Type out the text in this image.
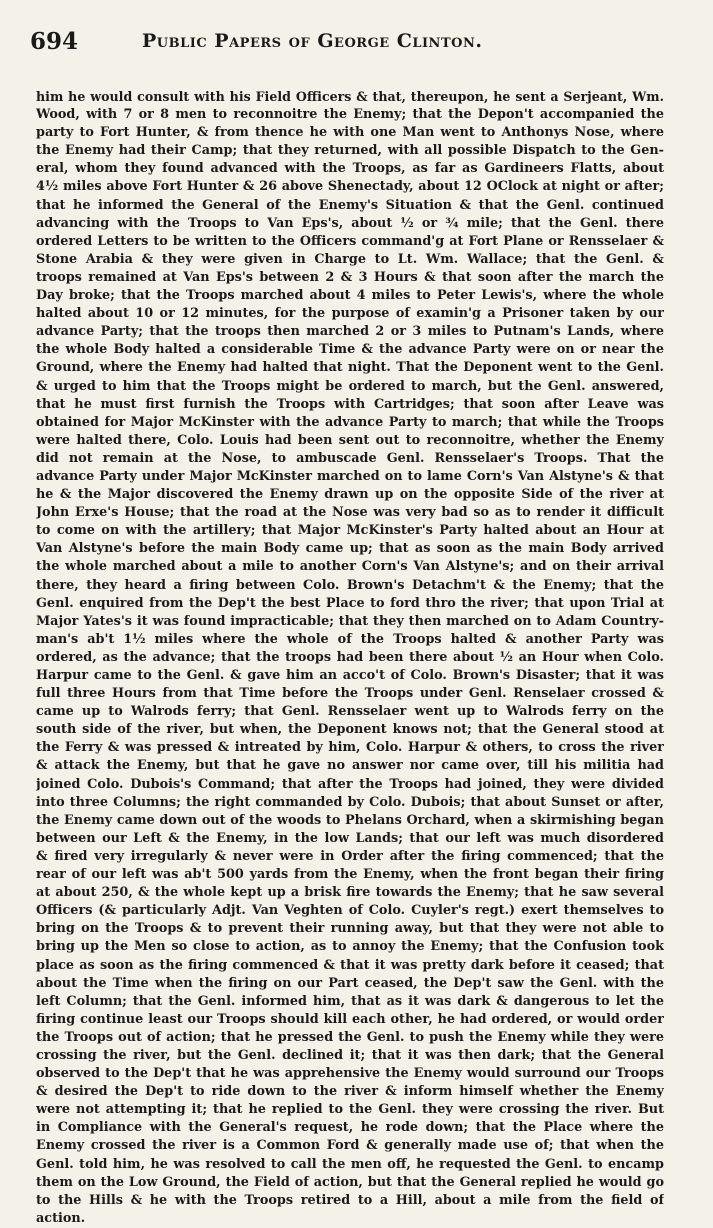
694	Public Papers of George Clinton.
him he would consult with his Field Officers & that, thereupon, he sent a Serjeant, Wm.
Wood, with 7 or 8 men to reconnoitre the Enemy; that the Depon't accompanied the
party to Fort Hunter, & from thence he with one Man went to Anthonys Nose, where
the Enemy had their Camp; that they returned, with all possible Dispatch to the Gen-
eral, whom they found advanced with the Troops, as far as Gardineers Flatts, about
4½ miles above Fort Hunter & 26 above Shenectady, about 12 OClock at night or after;
that he informed the General of the Enemy's Situation & that the Genl. continued
advancing with the Troops to Van Eps's, about ½ or ¾ mile; that the Genl. there
ordered Letters to be written to the Officers command'g at Fort Plane or Rensselaer &
Stone Arabia & they were given in Charge to Lt. Wm. Wallace; that the Genl. &
troops remained at Van Eps's between 2 & 3 Hours & that soon after the march the
Day broke; that the Troops marched about 4 miles to Peter Lewis's, where the whole
halted about 10 or 12 minutes, for the purpose of examin'g a Prisoner taken by our
advance Party; that the troops then marched 2 or 3 miles to Putnam's Lands, where
the whole Body halted a considerable Time & the advance Party were on or near the
Ground, where the Enemy had halted that night. That the Deponent went to the Genl.
& urged to him that the Troops might be ordered to march, but the Genl. answered,
that he must first furnish the Troops with Cartridges; that soon after Leave was
obtained for Major McKinster with the advance Party to march; that while the Troops
were halted there, Colo. Louis had been sent out to reconnoitre, whether the Enemy
did not remain at the Nose, to ambuscade Genl. Rensselaer's Troops. That the
advance Party under Major McKinster marched on to lame Corn's Van Alstyne's & that
he & the Major discovered the Enemy drawn up on the opposite Side of the river at
John Erxe's House; that the road at the Nose was very bad so as to render it difficult
to come on with the artillery; that Major McKinster's Party halted about an Hour at
Van Alstyne's before the main Body came up; that as soon as the main Body arrived
the whole marched about a mile to another Corn's Van Alstyne's; and on their arrival
there, they heard a firing between Colo. Brown's Detachm't & the Enemy; that the
Genl. enquired from the Dep't the best Place to ford thro the river; that upon Trial at
Major Yates's it was found impracticable; that they then marched on to Adam Country-
man's ab't 1½ miles where the whole of the Troops halted & another Party was
ordered, as the advance; that the troops had been there about ½ an Hour when Colo.
Harpur came to the Genl. & gave him an acco't of Colo. Brown's Disaster; that it was
full three Hours from that Time before the Troops under Genl. Renselaer crossed &
came up to Walrods ferry; that Genl. Rensselaer went up to Walrods ferry on the
south side of the river, but when, the Deponent knows not; that the General stood at
the Ferry & was pressed & intreated by him, Colo. Harpur & others, to cross the river
& attack the Enemy, but that he gave no answer nor came over, till his militia had
joined Colo. Dubois's Command; that after the Troops had joined, they were divided
into three Columns; the right commanded by Colo. Dubois; that about Sunset or after,
the Enemy came down out of the woods to Phelans Orchard, when a skirmishing began
between our Left & the Enemy, in the low Lands; that our left was much disordered
& fired very irregularly & never were in Order after the firing commenced; that the
rear of our left was ab't 500 yards from the Enemy, when the front began their firing
at about 250, & the whole kept up a brisk fire towards the Enemy; that he saw several
Officers (& particularly Adjt. Van Veghten of Colo. Cuyler's regt.) exert themselves to
bring on the Troops & to prevent their running away, but that they were not able to
bring up the Men so close to action, as to annoy the Enemy; that the Confusion took
place as soon as the firing commenced & that it was pretty dark before it ceased; that
about the Time when the firing on our Part ceased, the Dep't saw the Genl. with the
left Column; that the Genl. informed him, that as it was dark & dangerous to let the
firing continue least our Troops should kill each other, he had ordered, or would order
the Troops out of action; that he pressed the Genl. to push the Enemy while they were
crossing the river, but the Genl. declined it; that it was then dark; that the General
observed to the Dep't that he was apprehensive the Enemy would surround our Troops
& desired the Dep't to ride down to the river & inform himself whether the Enemy
were not attempting it; that he replied to the Genl. they were crossing the river. But
in Compliance with the General's request, he rode down; that the Place where the
Enemy crossed the river is a Common Ford & generally made use of; that when the
Genl. told him, he was resolved to call the men off, he requested the Genl. to encamp
them on the Low Ground, the Field of action, but that the General replied he would go
to the Hills & he with the Troops retired to a Hill, about a mile from the field of
action.
